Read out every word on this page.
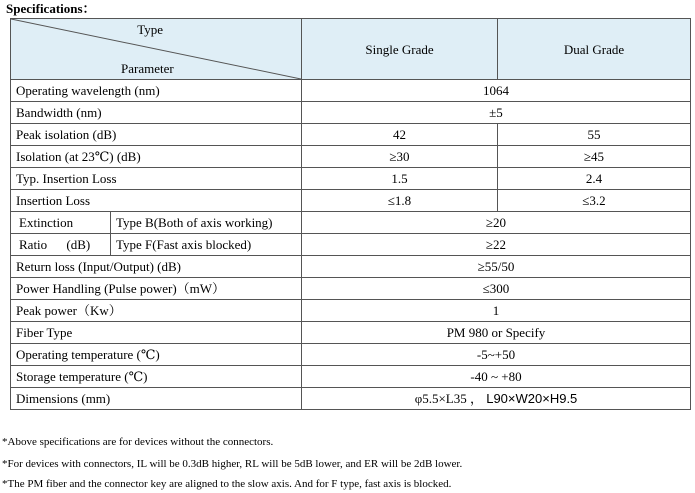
Specifications：
Type
Parameter		Single Grade	Dual Grade
Operating wavelength (nm)		1064	
Bandwidth (nm)		±5	
Peak isolation (dB)		42	55
Isolation (at 23℃) (dB)		≥30	≥45
Typ. Insertion Loss		1.5	2.4
Insertion Loss		≤1.8	≤3.2
Extinction	Type B(Both of axis working)	≥20	
Ratio (dB)	Type F(Fast axis blocked)	≥22	
Return loss (Input/Output) (dB)		≥55/50	
Power Handling (Pulse power)（mW）		≤300	
Peak power（Kw）		1	
Fiber Type		PM 980 or Specify	
Operating temperature (℃)		-5~+50	
Storage temperature (℃)		-40 ~ +80	
Dimensions (mm)		φ5.5×L35 ， L90×W20×H9.5	
*Above specifications are for devices without the connectors.
*For devices with connectors, IL will be 0.3dB higher, RL will be 5dB lower, and ER will be 2dB lower.
*The PM fiber and the connector key are aligned to the slow axis. And for F type, fast axis is blocked.
